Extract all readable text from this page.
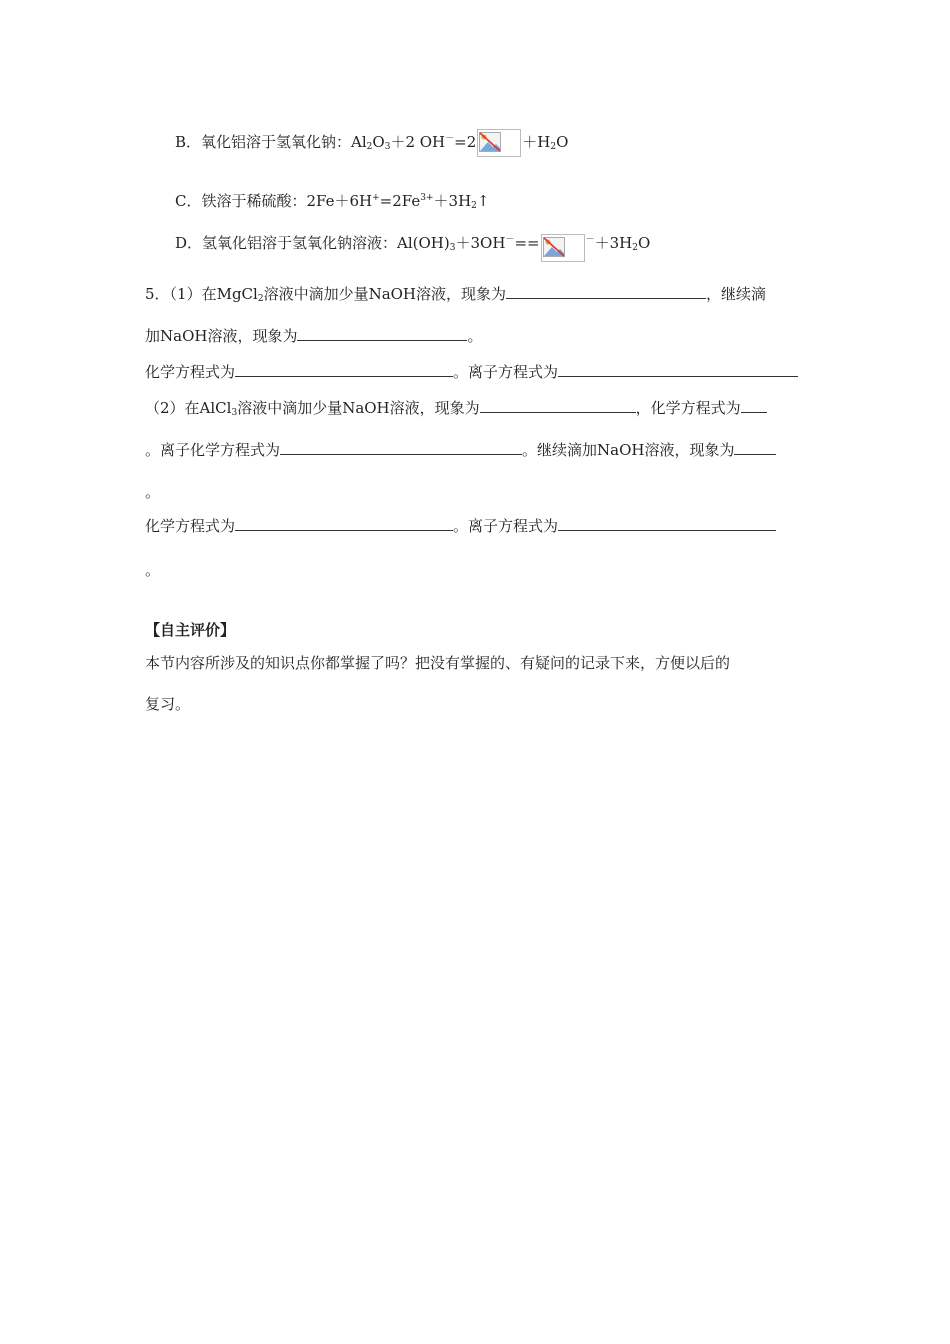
B．氧化铝溶于氢氧化钠：$Al_2O_3+2$ OH－=2	$+H_2O$
C．铁溶于稀硫酸：$2Fe+6H^+=2Fe^{3+}+3H_2↑$
D．氢氧化铝溶于氢氧化钠溶液：$Al(OH)_3+3OH^-==$	$^-+3H_2O$
5．（1）在MgCl$_2$溶液中滴加少量NaOH溶液，现象为	，继续滴
加NaOH溶液，现象为	。
化学方程式为	。离子方程式为
（2）在AlCl$_3$溶液中滴加少量NaOH溶液，现象为	，化学方程式为
。离子化学方程式为	。继续滴加NaOH溶液，现象为
。
化学方程式为	。离子方程式为
。
【自主评价】
本节内容所涉及的知识点你都掌握了吗？把没有掌握的、有疑问的记录下来，方便以后的
复习。
